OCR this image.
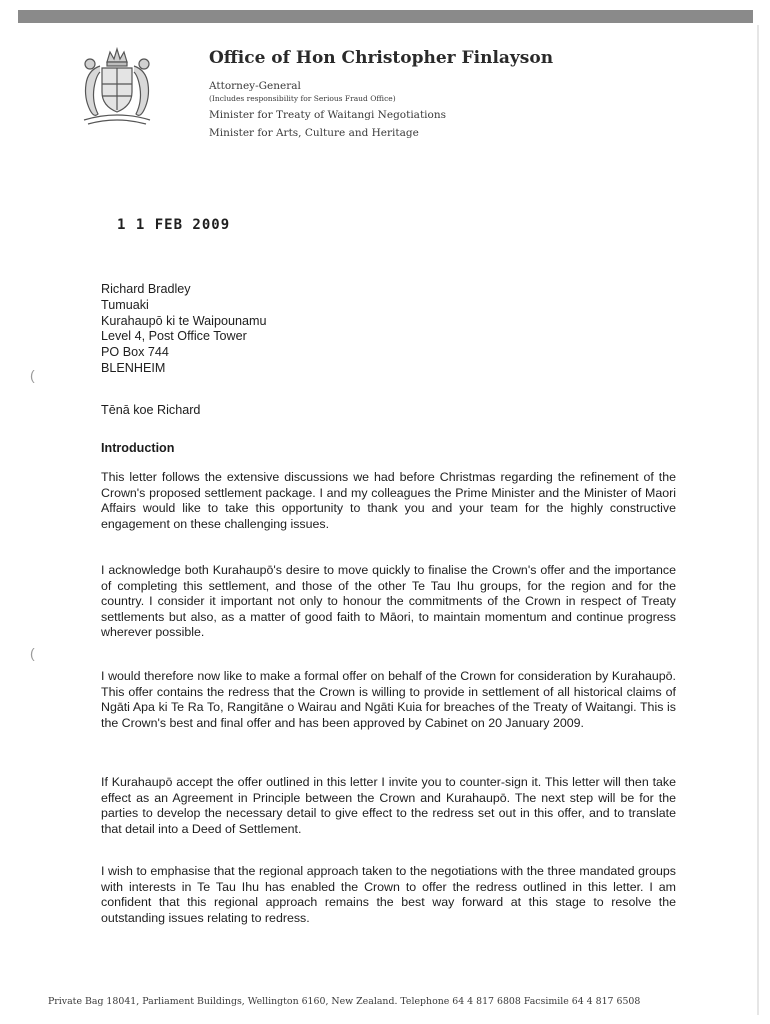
Office of Hon Christopher Finlayson
Attorney-General
(Includes responsibility for Serious Fraud Office)
Minister for Treaty of Waitangi Negotiations
Minister for Arts, Culture and Heritage
1 1 FEB 2009
Richard Bradley
Tumuaki
Kurahaupō ki te Waipounamu
Level 4, Post Office Tower
PO Box 744
BLENHEIM
Tēnā koe Richard
Introduction
This letter follows the extensive discussions we had before Christmas regarding the refinement of the Crown's proposed settlement package. I and my colleagues the Prime Minister and the Minister of Maori Affairs would like to take this opportunity to thank you and your team for the highly constructive engagement on these challenging issues.
I acknowledge both Kurahaupō's desire to move quickly to finalise the Crown's offer and the importance of completing this settlement, and those of the other Te Tau Ihu groups, for the region and for the country. I consider it important not only to honour the commitments of the Crown in respect of Treaty settlements but also, as a matter of good faith to Māori, to maintain momentum and continue progress wherever possible.
I would therefore now like to make a formal offer on behalf of the Crown for consideration by Kurahaupō. This offer contains the redress that the Crown is willing to provide in settlement of all historical claims of Ngāti Apa ki Te Ra To, Rangitāne o Wairau and Ngāti Kuia for breaches of the Treaty of Waitangi. This is the Crown's best and final offer and has been approved by Cabinet on 20 January 2009.
If Kurahaupō accept the offer outlined in this letter I invite you to counter-sign it. This letter will then take effect as an Agreement in Principle between the Crown and Kurahaupō. The next step will be for the parties to develop the necessary detail to give effect to the redress set out in this offer, and to translate that detail into a Deed of Settlement.
I wish to emphasise that the regional approach taken to the negotiations with the three mandated groups with interests in Te Tau Ihu has enabled the Crown to offer the redress outlined in this letter. I am confident that this regional approach remains the best way forward at this stage to resolve the outstanding issues relating to redress.
(
(
Private Bag 18041, Parliament Buildings, Wellington 6160, New Zealand. Telephone 64 4 817 6808 Facsimile 64 4 817 6508
